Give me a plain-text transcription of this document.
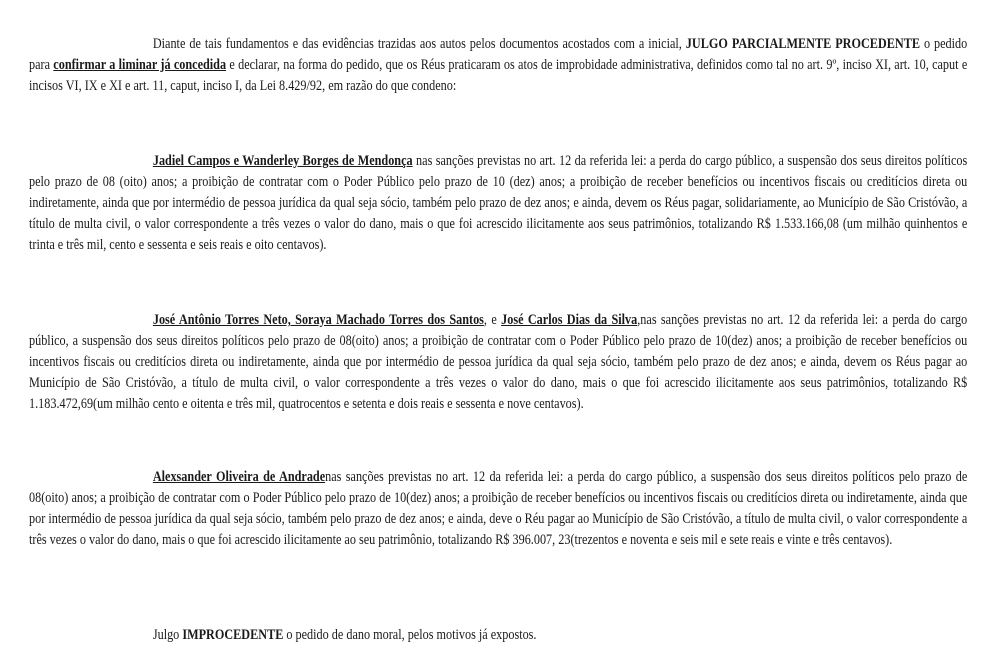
Diante de tais fundamentos e das evidências trazidas aos autos pelos documentos acostados com a inicial, JULGO PARCIALMENTE PROCEDENTE o pedido para confirmar a liminar já concedida e declarar, na forma do pedido, que os Réus praticaram os atos de improbidade administrativa, definidos como tal no art. 9º, inciso XI, art. 10, caput e incisos VI, IX e XI e art. 11, caput, inciso I, da Lei 8.429/92, em razão do que condeno:

Jadiel Campos e Wanderley Borges de Mendonça nas sanções previstas no art. 12 da referida lei: a perda do cargo público, a suspensão dos seus direitos políticos pelo prazo de 08 (oito) anos; a proibição de contratar com o Poder Público pelo prazo de 10 (dez) anos; a proibição de receber benefícios ou incentivos fiscais ou creditícios direta ou indiretamente, ainda que por intermédio de pessoa jurídica da qual seja sócio, também pelo prazo de dez anos; e ainda, devem os Réus pagar, solidariamente, ao Município de São Cristóvão, a título de multa civil, o valor correspondente a três vezes o valor do dano, mais o que foi acrescido ilicitamente aos seus patrimônios, totalizando R$ 1.533.166,08 (um milhão quinhentos e trinta e três mil, cento e sessenta e seis reais e oito centavos).

José Antônio Torres Neto, Soraya Machado Torres dos Santos, e José Carlos Dias da Silva,nas sanções previstas no art. 12 da referida lei: a perda do cargo público, a suspensão dos seus direitos políticos pelo prazo de 08(oito) anos; a proibição de contratar com o Poder Público pelo prazo de 10(dez) anos; a proibição de receber benefícios ou incentivos fiscais ou creditícios direta ou indiretamente, ainda que por intermédio de pessoa jurídica da qual seja sócio, também pelo prazo de dez anos; e ainda, devem os Réus pagar ao Município de São Cristóvão, a título de multa civil, o valor correspondente a três vezes o valor do dano, mais o que foi acrescido ilicitamente aos seus patrimônios, totalizando R$ 1.183.472,69(um milhão cento e oitenta e três mil, quatrocentos e setenta e dois reais e sessenta e nove centavos).

Alexsander Oliveira de Andradenas sanções previstas no art. 12 da referida lei: a perda do cargo público, a suspensão dos seus direitos políticos pelo prazo de 08(oito) anos; a proibição de contratar com o Poder Público pelo prazo de 10(dez) anos; a proibição de receber benefícios ou incentivos fiscais ou creditícios direta ou indiretamente, ainda que por intermédio de pessoa jurídica da qual seja sócio, também pelo prazo de dez anos; e ainda, deve o Réu pagar ao Município de São Cristóvão, a título de multa civil, o valor correspondente a três vezes o valor do dano, mais o que foi acrescido ilicitamente ao seu patrimônio, totalizando R$ 396.007, 23(trezentos e noventa e seis mil e sete reais e vinte e três centavos).

Julgo IMPROCEDENTE o pedido de dano moral, pelos motivos já expostos.
